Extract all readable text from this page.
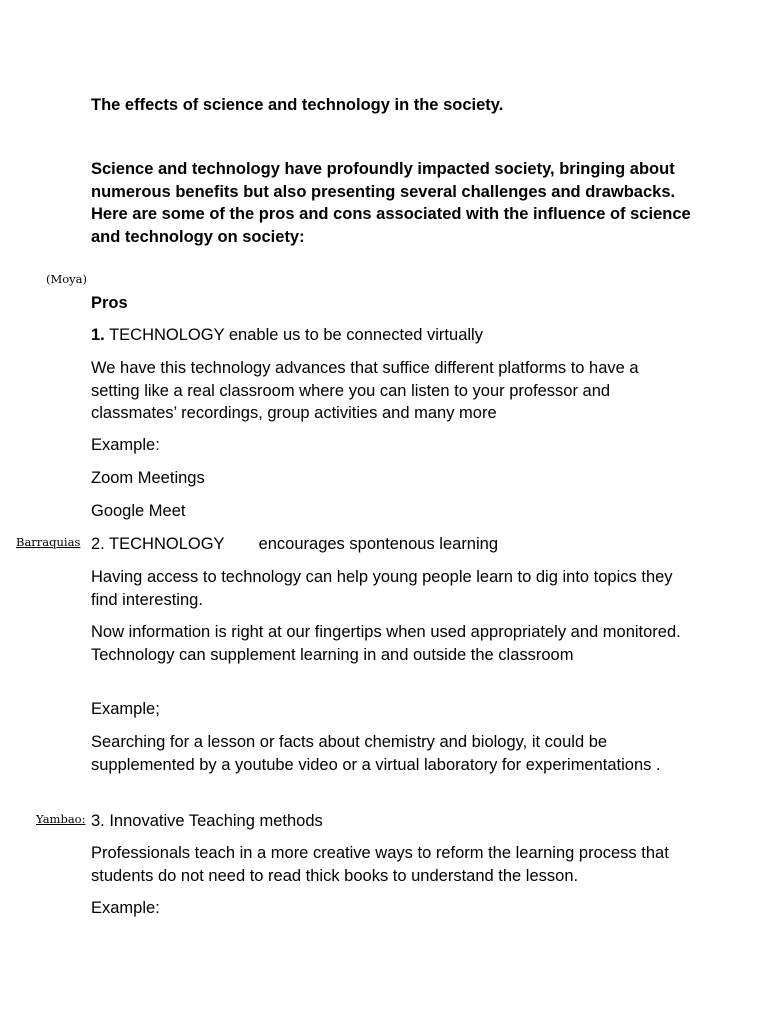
The effects of science and technology in the society.

Science and technology have profoundly impacted society, bringing about numerous benefits but also presenting several challenges and drawbacks. Here are some of the pros and cons associated with the influence of science and technology on society:

(Moya)

Pros

1. TECHNOLOGY enable us to be connected virtually

We have this technology advances that suffice different platforms to have a setting like a real classroom where you can listen to your professor and classmates’ recordings, group activities and many more

Example:

Zoom Meetings

Google Meet

Barraquias 2. TECHNOLOGY encourages spontenous learning

Having access to technology can help young people learn to dig into topics they find interesting.

Now information is right at our fingertips when used appropriately and monitored. Technology can supplement learning in and outside the classroom

Example;

Searching for a lesson or facts about chemistry and biology, it could be supplemented by a youtube video or a virtual laboratory for experimentations .

Yambao: 3. Innovative Teaching methods

Professionals teach in a more creative ways to reform the learning process that students do not need to read thick books to understand the lesson.

Example:
